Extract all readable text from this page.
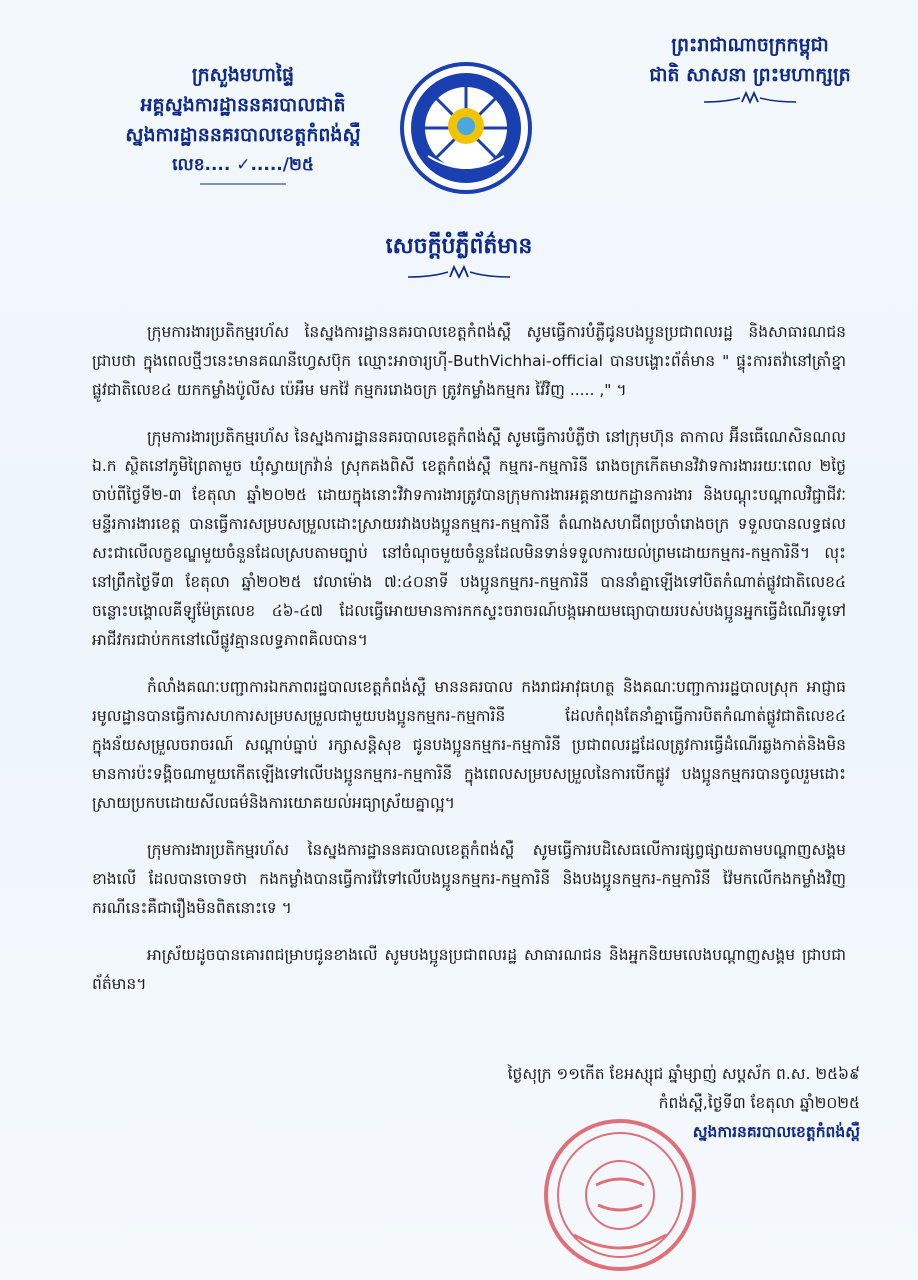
ព្រះរាជាណាចក្រកម្ពុជា
ជាតិ សាសនា ព្រះមហាក្សត្រ
ក្រសួងមហាផ្ទៃ
អគ្គស្នងការដ្ឋាននគរបាលជាតិ
ស្នងការដ្ឋាននគរបាលខេត្តកំពង់ស្ពឺ
លេខ.... ✓...../២៥
សេចក្តីបំភ្លឺព័ត៌មាន

ក្រុមការងារប្រតិកម្មរហ័ស នៃស្នងការដ្ឋាននគរបាលខេត្តកំពង់ស្ពឺ សូមធ្វើការបំភ្លឺជូនបងប្អូនប្រជាពលរដ្ឋ និងសាធារណជន ជ្រាបថា ក្នុងពេលថ្មីៗនេះមានគណនីហ្វេសប៊ុក ឈ្មោះអាចារ្យហ៊ី-ButhVichhai-official បានបង្ហោះព័ត៌មាន " ផ្ទុះការតវ៉ានៅត្រាំខ្នា ផ្លូវជាតិលេខ៤ យកកម្លាំងប៉ូលីស ប៉េអឹម មកវ៉ៃ កម្មកររោងចក្រ ត្រូវកម្លាំងកម្មករ វ៉ៃវិញ ..... ," ។

ក្រុមការងារប្រតិកម្មរហ័ស នៃស្នងការដ្ឋាននគរបាលខេត្តកំពង់ស្ពឺ សូមធ្វើការបំភ្លឺថា នៅក្រុមហ៊ុន តាកាល អ៊ីនធើណេសិនណល ឯ.ក ស្ថិតនៅភូមិព្រៃតាមួច ឃុំស្វាយក្រវ៉ាន់ ស្រុកគងពិសី ខេត្តកំពង់ស្ពឺ កម្មករ-កម្មការិនី រោងចក្រកើតមានវិវាទការងាររយៈពេល ២ថ្ងៃ ចាប់ពីថ្ងៃទី២-៣ ខែតុលា ឆ្នាំ២០២៥ ដោយក្នុងនោះវិវាទការងារត្រូវបានក្រុមការងារអគ្គនាយកដ្ឋានការងារ និងបណ្តុះបណ្តាលវិជ្ជាជីវៈ មន្ទីរការងារខេត្ត បានធ្វើការសម្របសម្រួលដោះស្រាយរវាងបងប្អូនកម្មករ-កម្មការិនី តំណាងសហជីពប្រចាំរោងចក្រ ទទួលបានលទ្ធផលសះជាលើលក្ខខណ្ឌមួយចំនួនដែលស្របតាមច្បាប់ នៅចំណុចមួយចំនួនដែលមិនទាន់ទទួលការយល់ព្រមដោយកម្មករ-កម្មការិនី។ លុះនៅព្រឹកថ្ងៃទី៣ ខែតុលា ឆ្នាំ២០២៥ វេលាម៉ោង ៧:៤០នាទី បងប្អូនកម្មករ-កម្មការិនី បាននាំគ្នាឡើងទៅបិតកំណាត់ផ្លូវជាតិលេខ៤ ចន្លោះបង្គោលគីឡូម៉ែត្រលេខ ៤៦-៤៧ ដែលធ្វើអោយមានការកកស្ទះចរាចរណ៍បង្កអោយមធ្យោបាយរបស់បងប្អូនអ្នកធ្វើដំណើរទូទៅ អាជីវករជាប់កកនៅលើផ្លូវគ្មានលទ្ធភាពគិលបាន។

កំលាំងគណៈបញ្ជាការឯកភាពរដ្ឋបាលខេត្តកំពង់ស្ពឺ មាននគរបាល កងរាជអាវុធហត្ថ និងគណៈបញ្ជាការរដ្ឋបាលស្រុក អាជ្ញាធរមូលដ្ឋានបានធ្វើការសហការសម្របសម្រួលជាមួយបងប្អូនកម្មករ-កម្មការិនី ដែលកំពុងតែនាំគ្នាធ្វើការបិតកំណាត់ផ្លូវជាតិលេខ៤ ក្នុងន័យសម្រួលចរាចរណ៍ សណ្តាប់ធ្នាប់ រក្សាសន្តិសុខ ជូនបងប្អូនកម្មករ-កម្មការិនី ប្រជាពលរដ្ឋដែលត្រូវការធ្វើដំណើរឆ្លងកាត់និងមិនមានការប៉ះទង្គិចណាមួយកើតឡើងទៅលើបងប្អូនកម្មករ-កម្មការិនី ក្នុងពេលសម្របសម្រួលនៃការបើកផ្លូវ បងប្អូនកម្មករបានចូលរួមដោះស្រាយប្រកបដោយសីលធម៌និងការយោគយល់អធ្យាស្រ័យគ្នាល្អ។

ក្រុមការងារប្រតិកម្មរហ័ស នៃស្នងការដ្ឋាននគរបាលខេត្តកំពង់ស្ពឺ សូមធ្វើការបដិសេធលើការផ្សព្វផ្សាយតាមបណ្តាញសង្គមខាងលើ ដែលបានចោទថា កងកម្លាំងបានធ្វើការវ៉ៃទៅលើបងប្អូនកម្មករ-កម្មការិនី និងបងប្អូនកម្មករ-កម្មការិនី វ៉ៃមកលើកងកម្លាំងវិញ ករណីនេះគឺជារឿងមិនពិតនោះទេ ។

អាស្រ័យដូចបានគោរពជម្រាបជូនខាងលើ សូមបងប្អូនប្រជាពលរដ្ឋ សាធារណជន និងអ្នកនិយមលេងបណ្តាញសង្គម ជ្រាបជាព័ត៌មាន។

ថ្ងៃសុក្រ ១១កើត ខែអស្សុជ ឆ្នាំម្សាញ់ សប្តស័ក ព.ស. ២៥៦៩
កំពង់ស្ពឺ,ថ្ងៃទី៣ ខែតុលា ឆ្នាំ២០២៥
ស្នងការនគរបាលខេត្តកំពង់ស្ពឺ
